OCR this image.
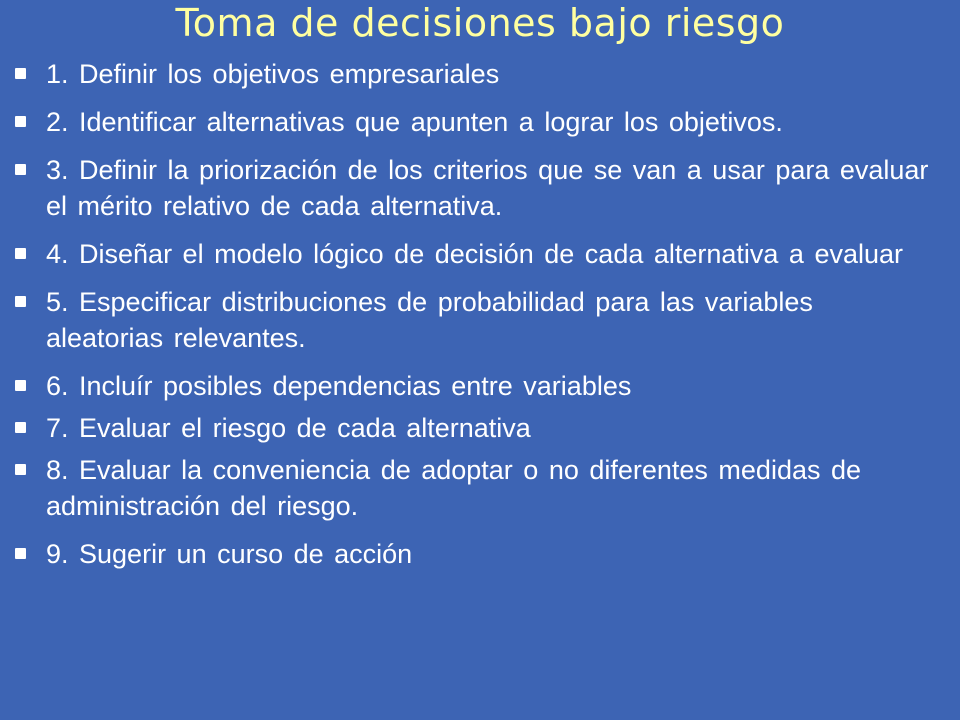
Toma de decisiones bajo riesgo
1. Definir los objetivos empresariales
2. Identificar alternativas que apunten a lograr los objetivos.
3. Definir la priorización de los criterios que se van a usar para evaluar el mérito relativo de cada alternativa.
4. Diseñar el modelo lógico de decisión de cada alternativa a evaluar
5. Especificar distribuciones de probabilidad para las variables aleatorias relevantes.
6. Incluír posibles dependencias entre variables
7. Evaluar el riesgo de cada alternativa
8. Evaluar la conveniencia de adoptar o no diferentes medidas de administración del riesgo.
9. Sugerir un curso de acción
